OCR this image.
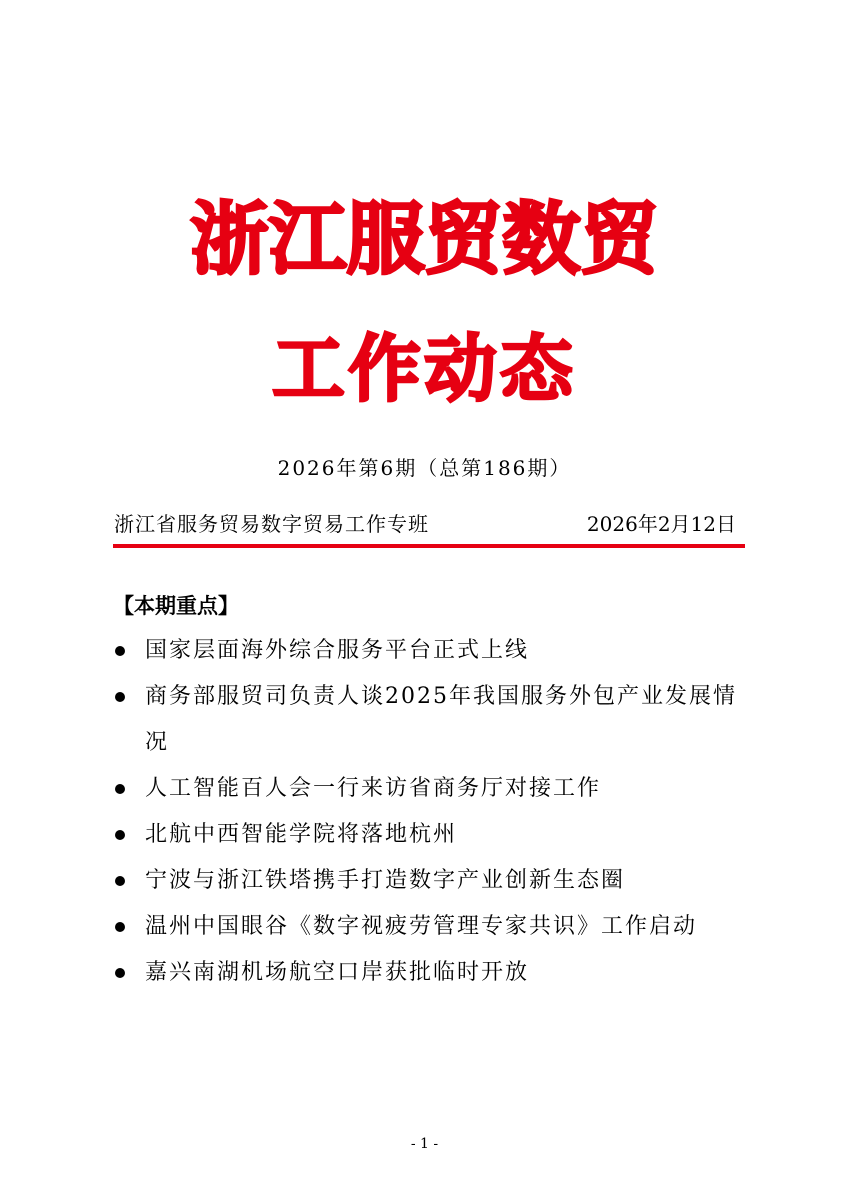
浙江服贸数贸
工作动态
2026年第6期（总第186期）
浙江省服务贸易数字贸易工作专班	2026年2月12日
【本期重点】
国家层面海外综合服务平台正式上线
商务部服贸司负责人谈2025年我国服务外包产业发展情况
人工智能百人会一行来访省商务厅对接工作
北航中西智能学院将落地杭州
宁波与浙江铁塔携手打造数字产业创新生态圈
温州中国眼谷《数字视疲劳管理专家共识》工作启动
嘉兴南湖机场航空口岸获批临时开放
- 1 -
